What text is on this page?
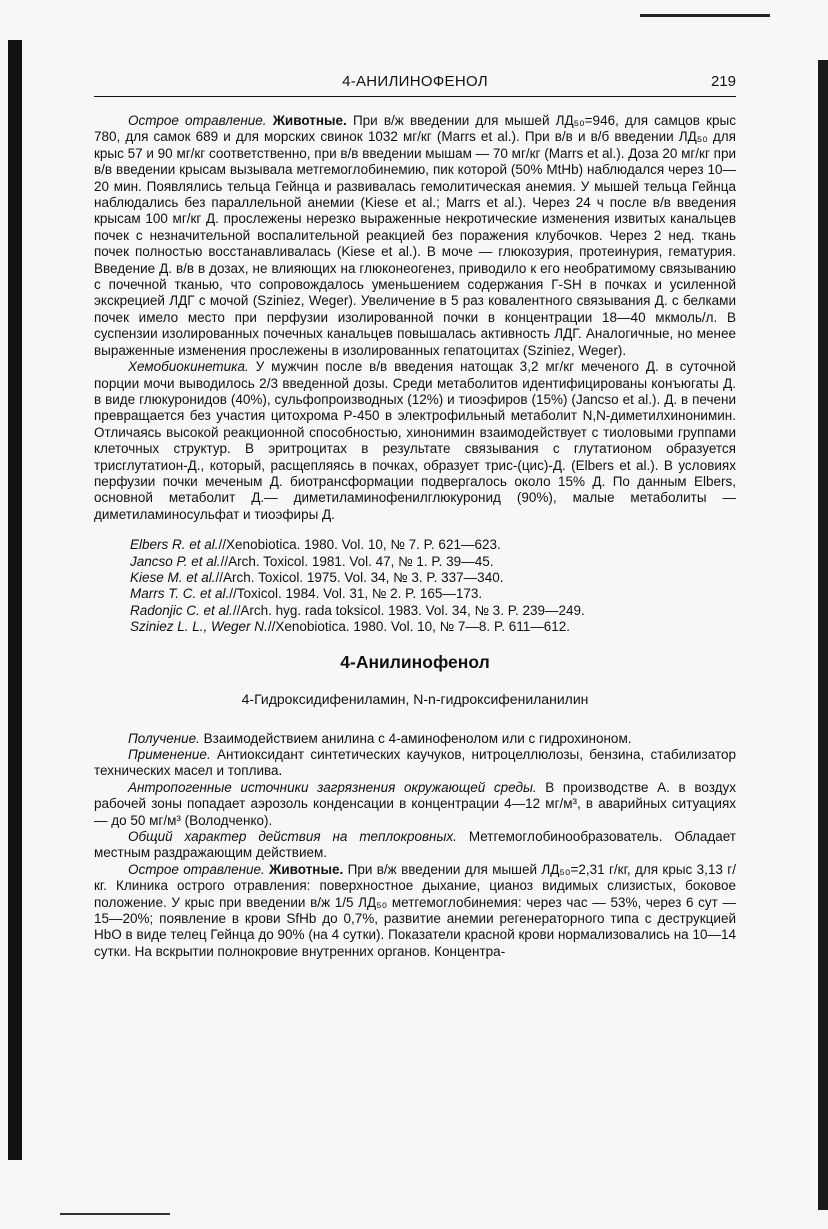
4-АНИЛИНОФЕНОЛ	219

Острое отравление. Животные. При в/ж введении для мышей ЛД₅₀=946, для самцов крыс 780, для самок 689 и для морских свинок 1032 мг/кг (Marrs et al.). При в/в и в/б введении ЛД₅₀ для крыс 57 и 90 мг/кг соответственно, при в/в введении мышам — 70 мг/кг (Marrs et al.). Доза 20 мг/кг при в/в введении крысам вызывала метгемоглобинемию, пик которой (50% MtHb) наблюдался через 10—20 мин. Появлялись тельца Гейнца и развивалась гемолитическая анемия. У мышей тельца Гейнца наблюдались без параллельной анемии (Kiese et al.; Marrs et al.). Через 24 ч после в/в введения крысам 100 мг/кг Д. прослежены нерезко выраженные некротические изменения извитых канальцев почек с незначительной воспалительной реакцией без поражения клубочков. Через 2 нед. ткань почек полностью восстанавливалась (Kiese et al.). В моче — глюкозурия, протеинурия, гематурия. Введение Д. в/в в дозах, не влияющих на глюконеогенез, приводило к его необратимому связыванию с почечной тканью, что сопровождалось уменьшением содержания Г-SH в почках и усиленной экскрецией ЛДГ с мочой (Sziniez, Weger). Увеличение в 5 раз ковалентного связывания Д. с белками почек имело место при перфузии изолированной почки в концентрации 18—40 мкмоль/л. В суспензии изолированных почечных канальцев повышалась активность ЛДГ. Аналогичные, но менее выраженные изменения прослежены в изолированных гепатоцитах (Sziniez, Weger).

Хемобиокинетика. У мужчин после в/в введения натощак 3,2 мг/кг меченого Д. в суточной порции мочи выводилось 2/3 введенной дозы. Среди метаболитов идентифицированы конъюгаты Д. в виде глюкуронидов (40%), сульфопроизводных (12%) и тиоэфиров (15%) (Jancso et al.). Д. в печени превращается без участия цитохрома Р-450 в электрофильный метаболит N,N-диметилхинонимин. Отличаясь высокой реакционной способностью, хинонимин взаимодействует с тиоловыми группами клеточных структур. В эритроцитах в результате связывания с глутатионом образуется трисглутатион-Д., который, расщепляясь в почках, образует трис-(цис)-Д. (Elbers et al.). В условиях перфузии почки меченым Д. биотрансформации подвергалось около 15% Д. По данным Elbers, основной метаболит Д.— диметиламинофенилглюкуронид (90%), малые метаболиты — диметиламиносульфат и тиоэфиры Д.

Elbers R. et al.//Xenobiotica. 1980. Vol. 10, № 7. P. 621—623.

Jancso P. et al.//Arch. Toxicol. 1981. Vol. 47, № 1. P. 39—45.

Kiese M. et al.//Arch. Toxicol. 1975. Vol. 34, № 3. P. 337—340.

Marrs T. C. et al.//Toxicol. 1984. Vol. 31, № 2. P. 165—173.

Radonjic C. et al.//Arch. hyg. rada toksicol. 1983. Vol. 34, № 3. P. 239—249.

Sziniez L. L., Weger N.//Xenobiotica. 1980. Vol. 10, № 7—8. P. 611—612.

4-Анилинофенол
4-Гидроксидифениламин, N-n-гидроксифениланилин

Получение. Взаимодействием анилина с 4-аминофенолом или с гидрохиноном.

Применение. Антиоксидант синтетических каучуков, нитроцеллюлозы, бензина, стабилизатор технических масел и топлива.

Антропогенные источники загрязнения окружающей среды. В производстве А. в воздух рабочей зоны попадает аэрозоль конденсации в концентрации 4—12 мг/м³, в аварийных ситуациях — до 50 мг/м³ (Володченко).

Общий характер действия на теплокровных. Метгемоглобинообразователь. Обладает местным раздражающим действием.

Острое отравление. Животные. При в/ж введении для мышей ЛД₅₀=2,31 г/кг, для крыс 3,13 г/кг. Клиника острого отравления: поверхностное дыхание, цианоз видимых слизистых, боковое положение. У крыс при введении в/ж 1/5 ЛД₅₀ метгемоглобинемия: через час — 53%, через 6 сут — 15—20%; появление в крови SfHb до 0,7%, развитие анемии регенераторного типа с деструкцией HbO в виде телец Гейнца до 90% (на 4 сутки). Показатели красной крови нормализовались на 10—14 сутки. На вскрытии полнокровие внутренних органов. Концентра-
